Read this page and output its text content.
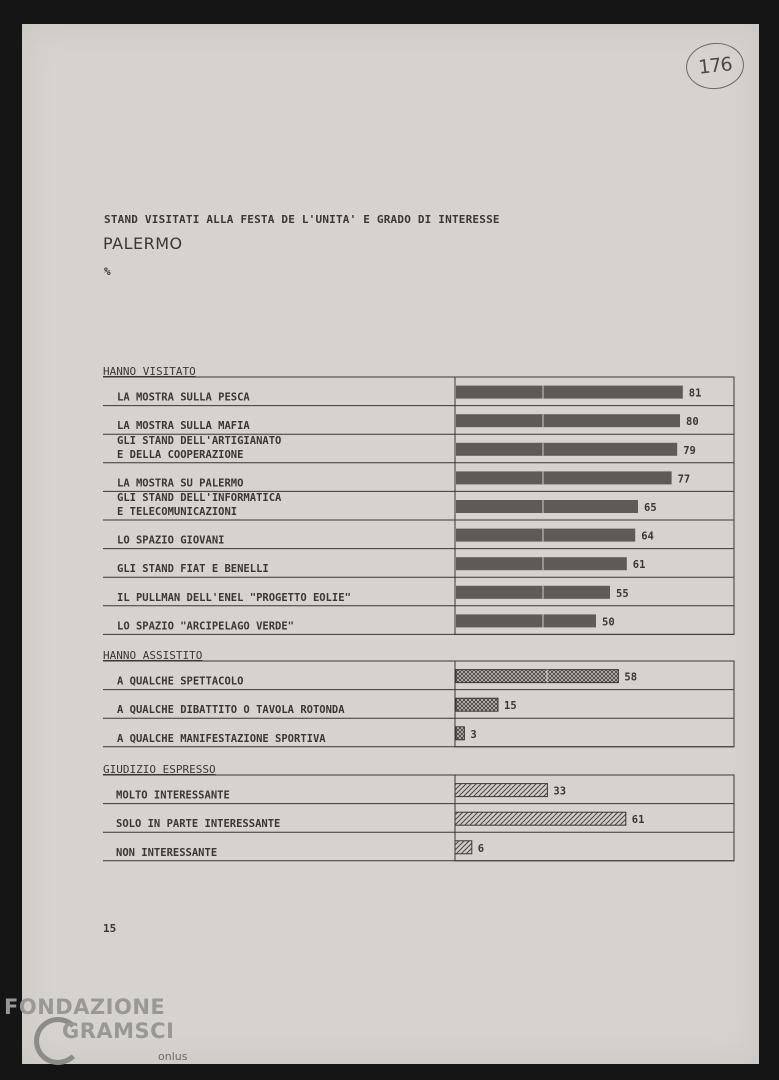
176
STAND VISITATI ALLA FESTA DE L'UNITA' E GRADO DI INTERESSE
PALERMO
%
HANNO VISITATO
HANNO ASSISTITO
GIUDIZIO ESPRESSO
LA MOSTRA SULLA PESCA	81
LA MOSTRA SULLA MAFIA	80
GLI STAND DELL'ARTIGIANATO
E DELLA COOPERAZIONE	79
LA MOSTRA SU PALERMO	77
GLI STAND DELL'INFORMATICA
E TELECOMUNICAZIONI	65
LO SPAZIO GIOVANI	64
GLI STAND FIAT E BENELLI	61
IL PULLMAN DELL'ENEL "PROGETTO EOLIE"	55
LO SPAZIO "ARCIPELAGO VERDE"	50
A QUALCHE SPETTACOLO	58
A QUALCHE DIBATTITO O TAVOLA ROTONDA	15
A QUALCHE MANIFESTAZIONE SPORTIVA	3
MOLTO INTERESSANTE	33
SOLO IN PARTE INTERESSANTE	61
NON INTERESSANTE	6
15
FONDAZIONE
GRAMSCI
onlus
